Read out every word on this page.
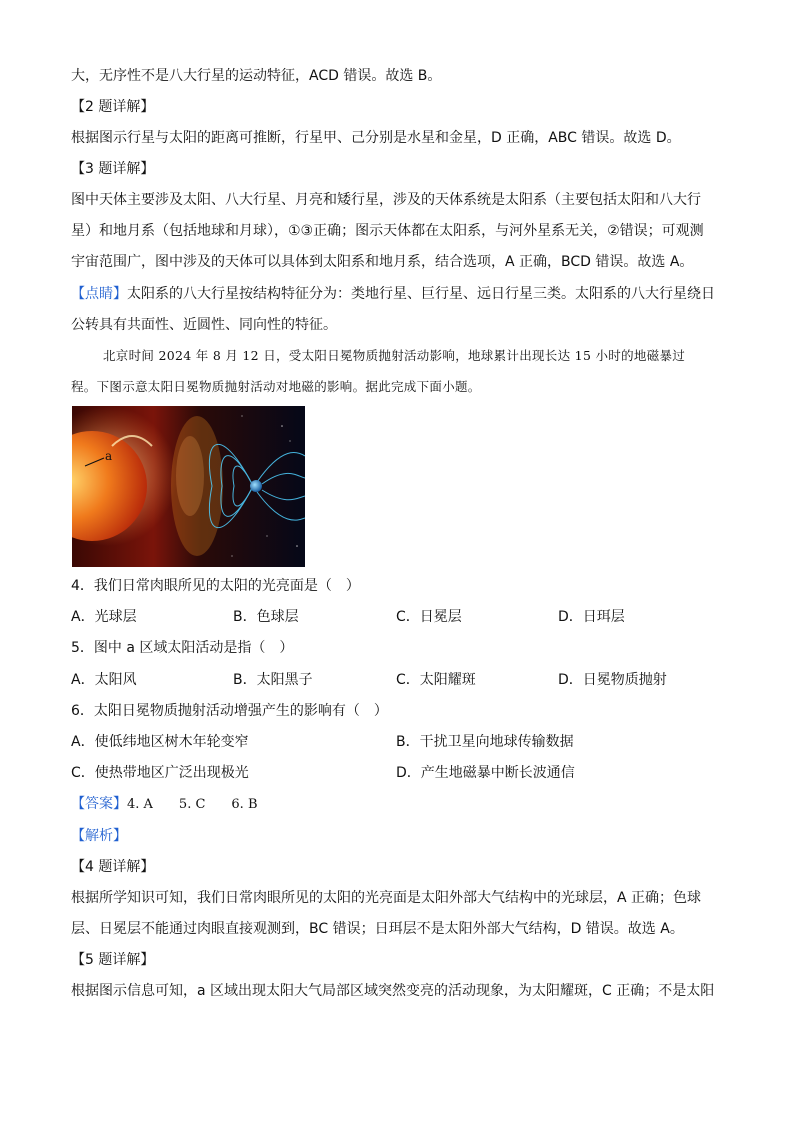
大，无序性不是八大行星的运动特征，ACD 错误。故选 B。
【2 题详解】
根据图示行星与太阳的距离可推断，行星甲、己分别是水星和金星，D 正确，ABC 错误。故选 D。
【3 题详解】
图中天体主要涉及太阳、八大行星、月亮和矮行星，涉及的天体系统是太阳系（主要包括太阳和八大行
星）和地月系（包括地球和月球），①③正确；图示天体都在太阳系，与河外星系无关，②错误；可观测
宇宙范围广，图中涉及的天体可以具体到太阳系和地月系，结合选项，A 正确，BCD 错误。故选 A。
【点睛】太阳系的八大行星按结构特征分为：类地行星、巨行星、远日行星三类。太阳系的八大行星绕日
公转具有共面性、近圆性、同向性的特征。
北京时间 2024 年 8 月 12 日，受太阳日冕物质抛射活动影响，地球累计出现长达 15 小时的地磁暴过
程。下图示意太阳日冕物质抛射活动对地磁的影响。据此完成下面小题。
a
4．我们日常肉眼所见的太阳的光亮面是（　）
A．光球层	B．色球层	C．日冕层	D．日珥层
5．图中 a 区域太阳活动是指（　）
A．太阳风	B．太阳黑子	C．太阳耀斑	D．日冕物质抛射
6．太阳日冕物质抛射活动增强产生的影响有（　）
A．使低纬地区树木年轮变窄	B．干扰卫星向地球传输数据
C．使热带地区广泛出现极光	D．产生地磁暴中断长波通信
【答案】4. A　　5. C　　6. B
【解析】
【4 题详解】
根据所学知识可知，我们日常肉眼所见的太阳的光亮面是太阳外部大气结构中的光球层，A 正确；色球
层、日冕层不能通过肉眼直接观测到，BC 错误；日珥层不是太阳外部大气结构，D 错误。故选 A。
【5 题详解】
根据图示信息可知，a 区域出现太阳大气局部区域突然变亮的活动现象，为太阳耀斑，C 正确；不是太阳
